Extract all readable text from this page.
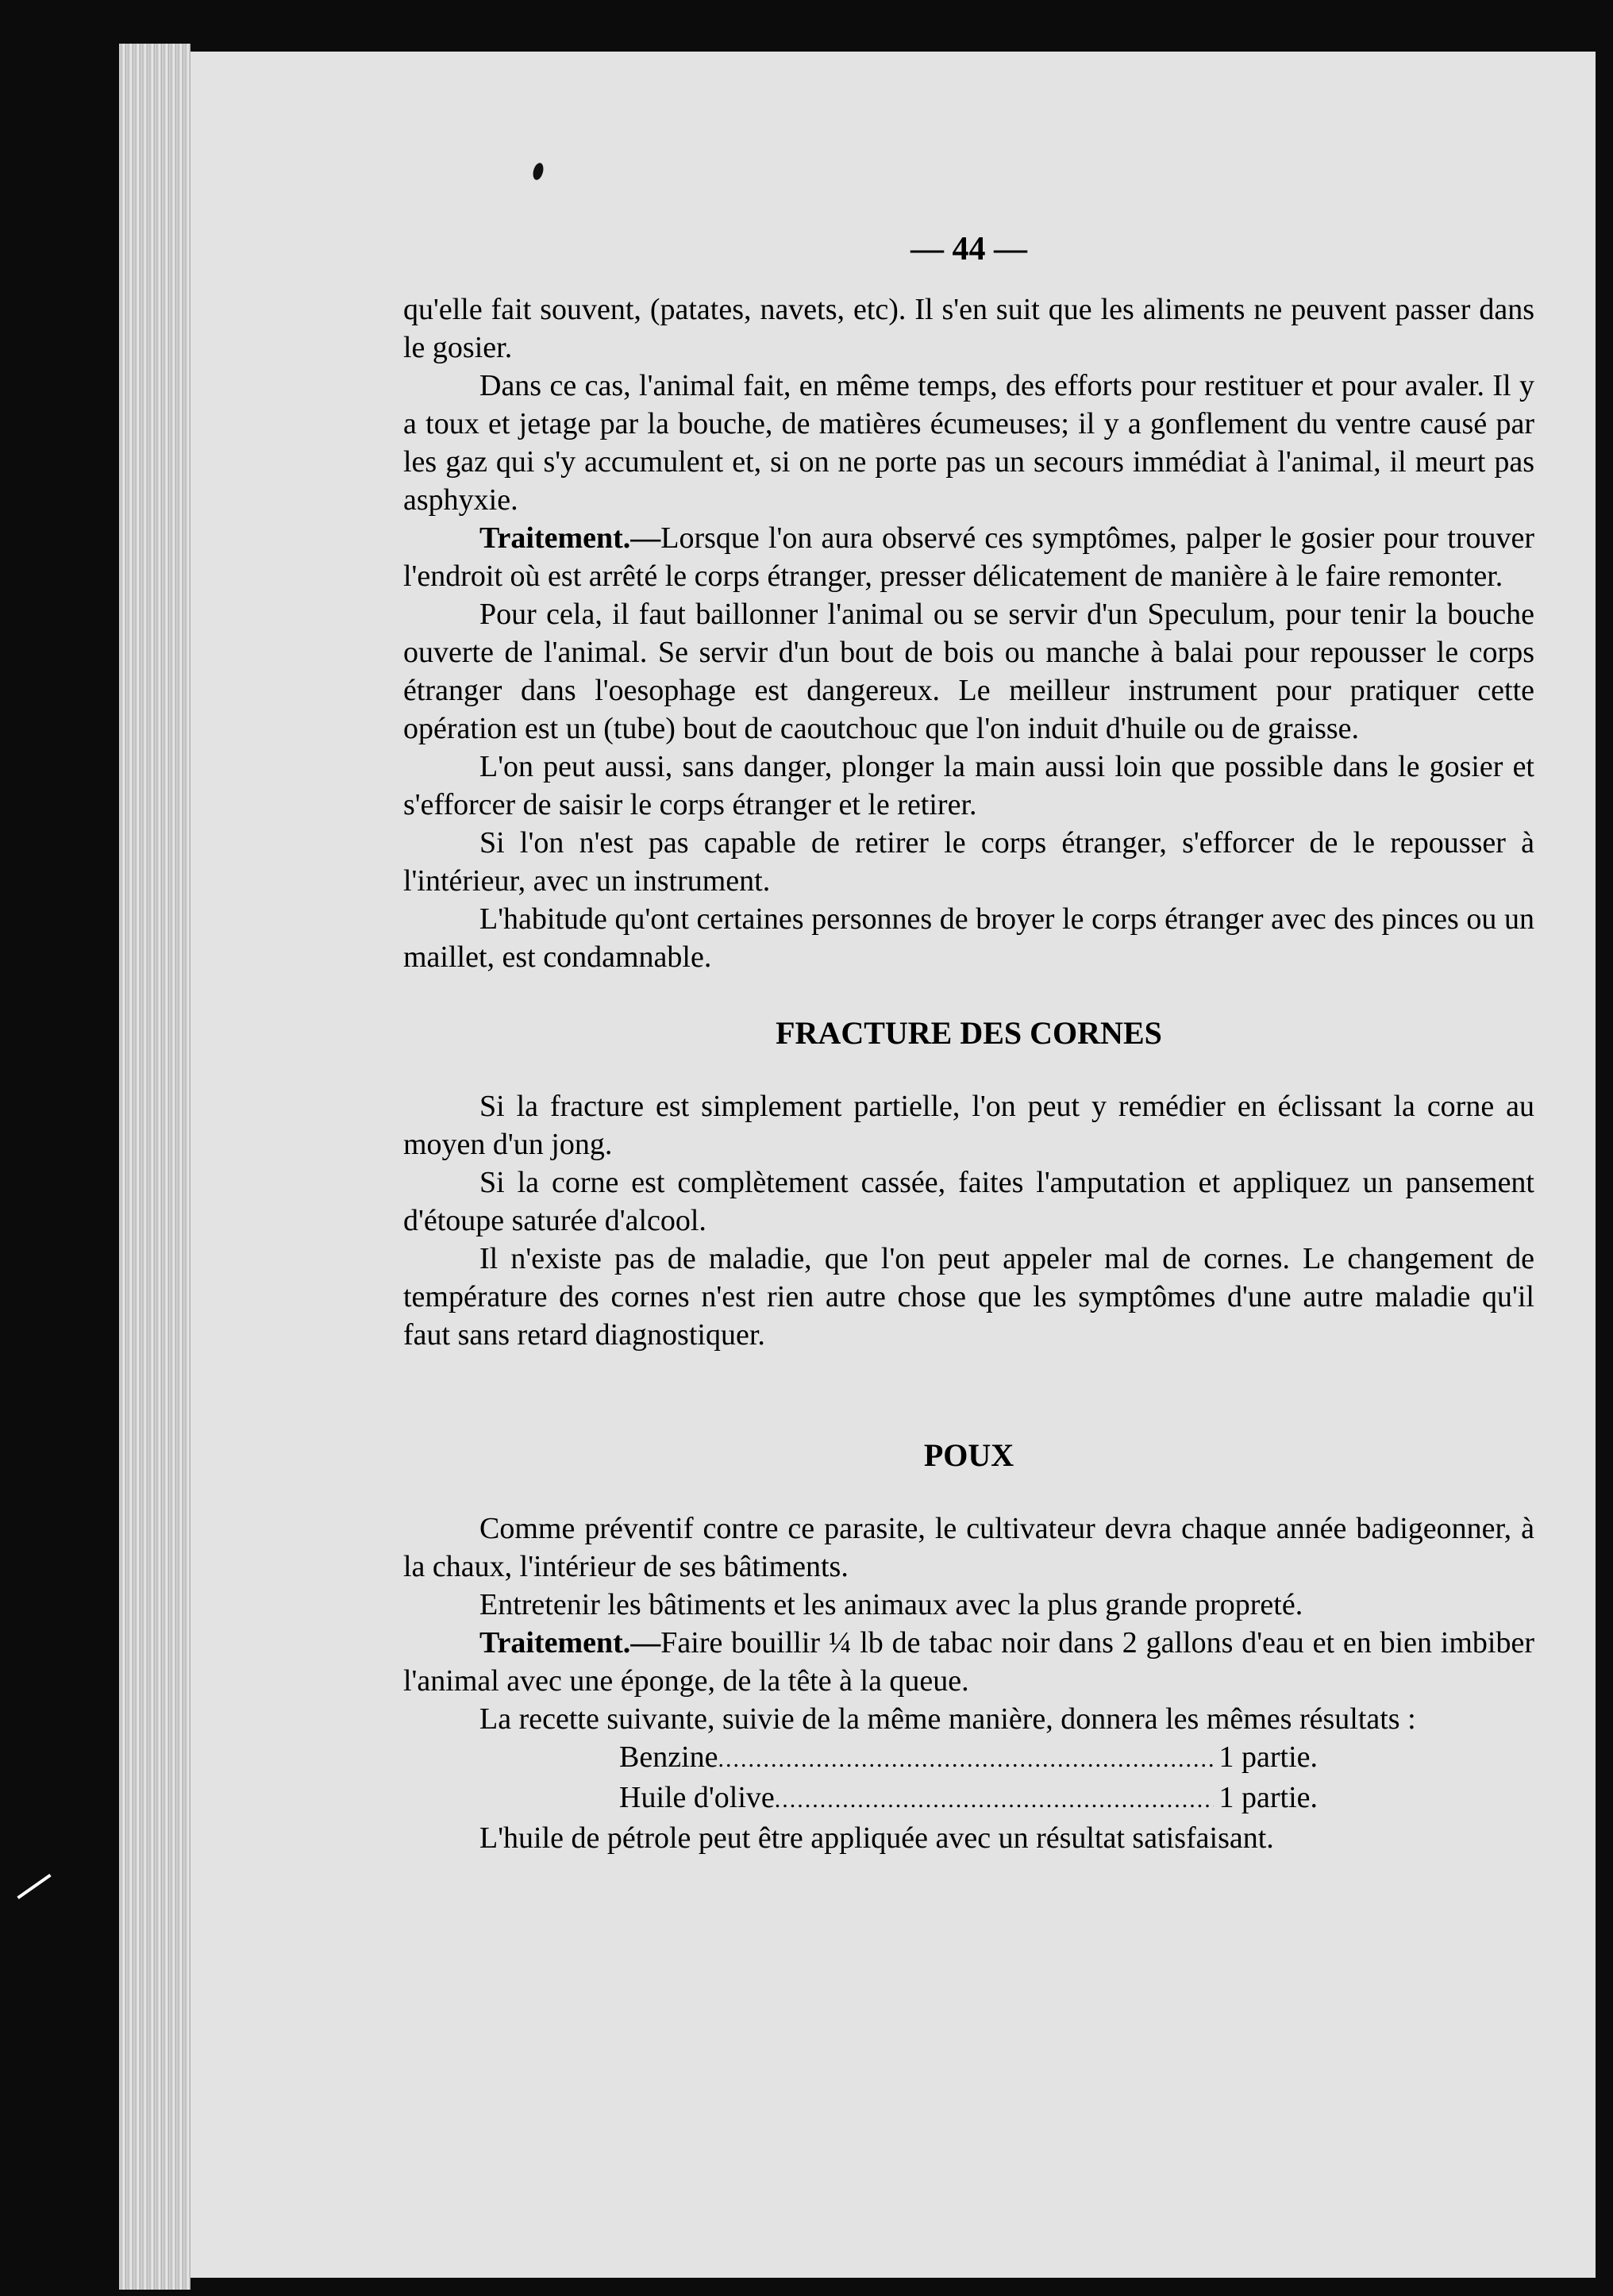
— 44 —

qu'elle fait souvent, (patates, navets, etc). Il s'en suit que les aliments ne peuvent passer dans le gosier.

Dans ce cas, l'animal fait, en même temps, des efforts pour restituer et pour avaler. Il y a toux et jetage par la bouche, de matières écumeuses; il y a gonflement du ventre causé par les gaz qui s'y accumulent et, si on ne porte pas un secours immédiat à l'animal, il meurt pas asphyxie.

Traitement.—Lorsque l'on aura observé ces symptômes, palper le gosier pour trouver l'endroit où est arrêté le corps étranger, presser délicatement de manière à le faire remonter.

Pour cela, il faut baillonner l'animal ou se servir d'un Speculum, pour tenir la bouche ouverte de l'animal. Se servir d'un bout de bois ou manche à balai pour repousser le corps étranger dans l'oesophage est dangereux. Le meilleur instrument pour pratiquer cette opération est un (tube) bout de caoutchouc que l'on induit d'huile ou de graisse.

L'on peut aussi, sans danger, plonger la main aussi loin que possible dans le gosier et s'efforcer de saisir le corps étranger et le retirer.

Si l'on n'est pas capable de retirer le corps étranger, s'efforcer de le repousser à l'intérieur, avec un instrument.

L'habitude qu'ont certaines personnes de broyer le corps étranger avec des pinces ou un maillet, est condamnable.

FRACTURE DES CORNES

Si la fracture est simplement partielle, l'on peut y remédier en éclissant la corne au moyen d'un jong.

Si la corne est complètement cassée, faites l'amputation et appliquez un pansement d'étoupe saturée d'alcool.

Il n'existe pas de maladie, que l'on peut appeler mal de cornes. Le changement de température des cornes n'est rien autre chose que les symptômes d'une autre maladie qu'il faut sans retard diagnostiquer.

POUX

Comme préventif contre ce parasite, le cultivateur devra chaque année badigeonner, à la chaux, l'intérieur de ses bâtiments.

Entretenir les bâtiments et les animaux avec la plus grande propreté.

Traitement.—Faire bouillir ¼ lb de tabac noir dans 2 gallons d'eau et en bien imbiber l'animal avec une éponge, de la tête à la queue.

La recette suivante, suivie de la même manière, donnera les mêmes résultats :

Benzine .....	1 partie.
Huile d'olive .....	1 partie.

L'huile de pétrole peut être appliquée avec un résultat satisfaisant.
